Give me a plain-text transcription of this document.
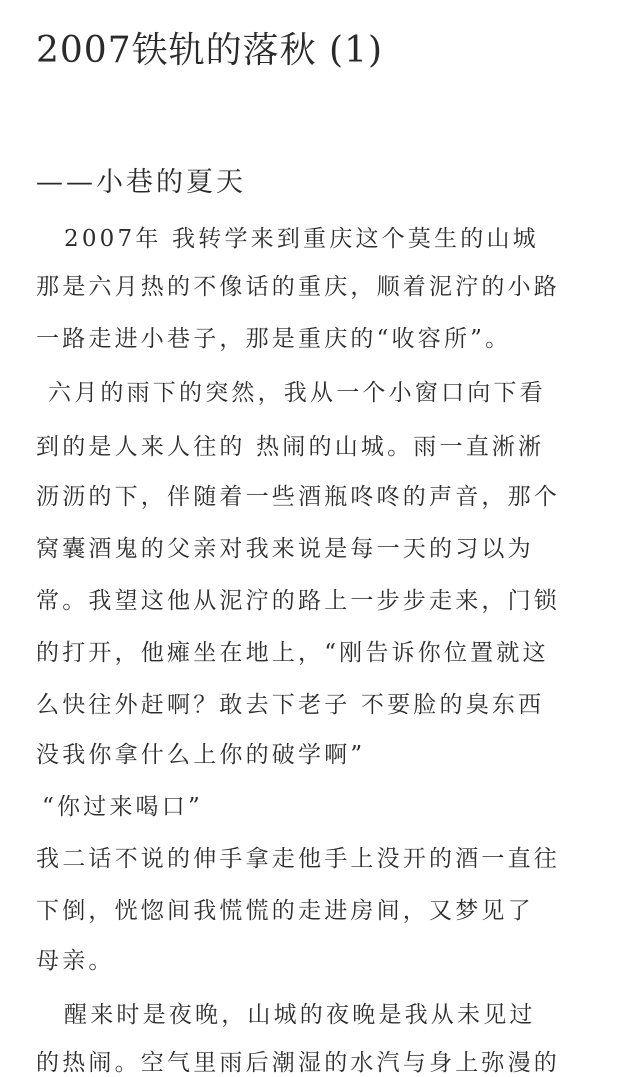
2007铁轨的落秋 (1)
——小巷的夏天
2007年 我转学来到重庆这个莫生的山城
那是六月热的不像话的重庆，顺着泥泞的小路
一路走进小巷子，那是重庆的“收容所”。
六月的雨下的突然，我从一个小窗口向下看
到的是人来人往的 热闹的山城。雨一直淅淅
沥沥的下，伴随着一些酒瓶咚咚的声音，那个
窝囊酒鬼的父亲对我来说是每一天的习以为
常。我望这他从泥泞的路上一步步走来，门锁
的打开，他瘫坐在地上，“刚告诉你位置就这
么快往外赶啊？敢去下老子 不要脸的臭东西
没我你拿什么上你的破学啊”
“你过来喝口”
我二话不说的伸手拿走他手上没开的酒一直往
下倒，恍惚间我慌慌的走进房间，又梦见了
母亲。
醒来时是夜晚，山城的夜晚是我从未见过
的热闹。空气里雨后潮湿的水汽与身上弥漫的
